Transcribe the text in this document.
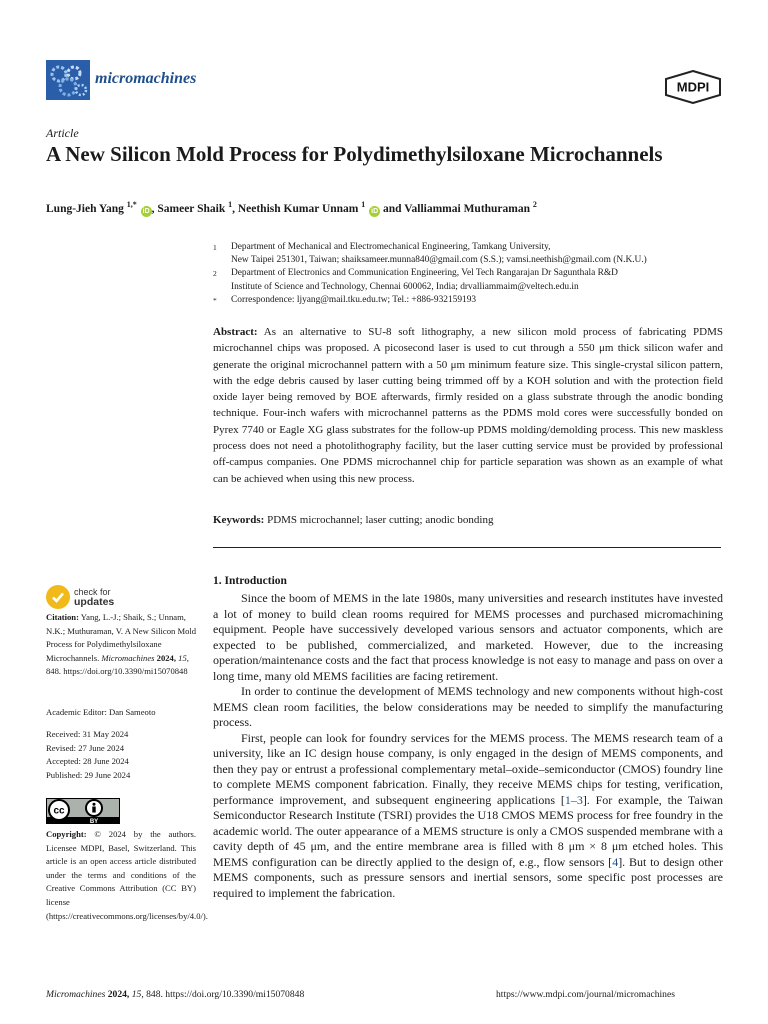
micromachines	MDPI
Article
A New Silicon Mold Process for Polydimethylsiloxane Microchannels
Lung-Jieh Yang $^{1,*}$ iD , Sameer Shaik $^1$, Neethish Kumar Unnam $^1$ iD and Valliammai Muthuraman $^2$
1	Department of Mechanical and Electromechanical Engineering, Tamkang University,
New Taipei 251301, Taiwan; shaiksameer.munna840@gmail.com (S.S.); vamsi.neethish@gmail.com (N.K.U.)
2	Department of Electronics and Communication Engineering, Vel Tech Rangarajan Dr Sagunthala R&D
Institute of Science and Technology, Chennai 600062, India; drvalliammaim@veltech.edu.in
*	Correspondence: ljyang@mail.tku.edu.tw; Tel.: +886-932159193
Abstract: As an alternative to SU-8 soft lithography, a new silicon mold process of fabricating PDMS microchannel chips was proposed. A picosecond laser is used to cut through a 550 μm thick silicon wafer and generate the original microchannel pattern with a 50 μm minimum feature size. This single-crystal silicon pattern, with the edge debris caused by laser cutting being trimmed off by a KOH solution and with the protection field oxide layer being removed by BOE afterwards, firmly resided on a glass substrate through the anodic bonding technique. Four-inch wafers with microchannel patterns as the PDMS mold cores were successfully bonded on Pyrex 7740 or Eagle XG glass substrates for the follow-up PDMS molding/demolding process. This new maskless process does not need a photolithography facility, but the laser cutting service must be provided by professional off-campus companies. One PDMS microchannel chip for particle separation was shown as an example of what can be achieved when using this new process.
Keywords: PDMS microchannel; laser cutting; anodic bonding
check for
updates
Citation: Yang, L.-J.; Shaik, S.; Unnam, N.K.; Muthuraman, V. A New Silicon Mold Process for Polydimethylsiloxane Microchannels. Micromachines 2024, 15, 848. https://doi.org/10.3390/mi15070848
Academic Editor: Dan Sameoto
Received: 31 May 2024
Revised: 27 June 2024
Accepted: 28 June 2024
Published: 29 June 2024
cc
BY
Copyright: © 2024 by the authors. Licensee MDPI, Basel, Switzerland. This article is an open access article distributed under the terms and conditions of the Creative Commons Attribution (CC BY) license (https://creativecommons.org/licenses/by/4.0/).
1. Introduction

Since the boom of MEMS in the late 1980s, many universities and research institutes have invested a lot of money to build clean rooms required for MEMS processes and purchased micromachining equipment. People have successively developed various sensors and actuator components, which are expected to be published, commercialized, and marketed. However, due to the increasing operation/maintenance costs and the fact that process knowledge is not easy to manage and pass on over a long time, many old MEMS facilities are facing retirement.

In order to continue the development of MEMS technology and new components without high-cost MEMS clean room facilities, the below considerations may be needed to simplify the manufacturing process.

First, people can look for foundry services for the MEMS process. The MEMS research team of a university, like an IC design house company, is only engaged in the design of MEMS components, and then they pay or entrust a professional complementary metal–oxide–semiconductor (CMOS) foundry line to complete MEMS component fabrication. Finally, they receive MEMS chips for testing, verification, performance improvement, and subsequent engineering applications [1–3]. For example, the Taiwan Semiconductor Research Institute (TSRI) provides the U18 CMOS MEMS process for free foundry in the academic world. The outer appearance of a MEMS structure is only a CMOS suspended membrane with a cavity depth of 45 μm, and the entire membrane area is filled with 8 μm × 8 μm etched holes. This MEMS configuration can be directly applied to the design of, e.g., flow sensors [4]. But to design other MEMS components, such as pressure sensors and inertial sensors, some specific post processes are required to implement the fabrication.

Micromachines 2024, 15, 848. https://doi.org/10.3390/mi15070848	https://www.mdpi.com/journal/micromachines
